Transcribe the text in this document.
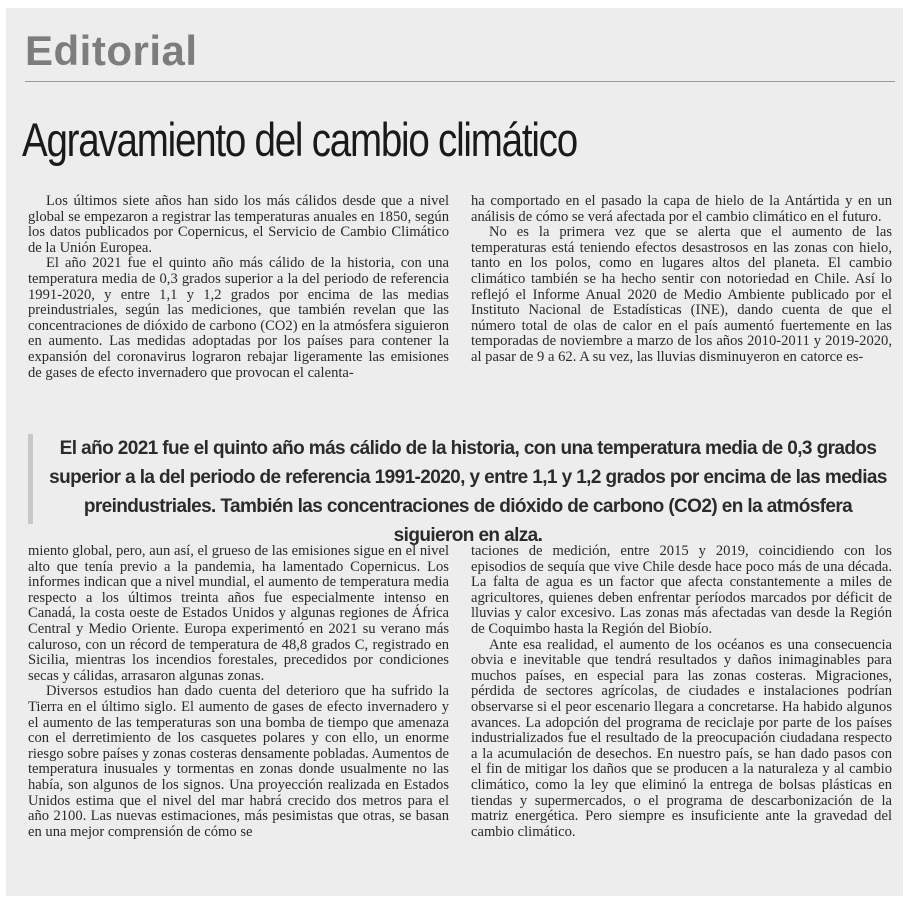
Editorial
Agravamiento del cambio climático

Los últimos siete años han sido los más cálidos desde que a nivel global se empezaron a registrar las temperaturas anuales en 1850, según los datos publicados por Copernicus, el Servicio de Cambio Climático de la Unión Europea.

El año 2021 fue el quinto año más cálido de la historia, con una temperatura media de 0,3 grados superior a la del periodo de referencia 1991-2020, y entre 1,1 y 1,2 grados por encima de las medias preindustriales, según las mediciones, que también revelan que las concentraciones de dióxido de carbono (CO2) en la atmósfera siguieron en aumento. Las medidas adoptadas por los países para contener la expansión del coronavirus lograron rebajar ligeramente las emisiones de gases de efecto invernadero que provocan el calenta-

ha comportado en el pasado la capa de hielo de la Antártida y en un análisis de cómo se verá afectada por el cambio climático en el futuro.

No es la primera vez que se alerta que el aumento de las temperaturas está teniendo efectos desastrosos en las zonas con hielo, tanto en los polos, como en lugares altos del planeta. El cambio climático también se ha hecho sentir con notoriedad en Chile. Así lo reflejó el Informe Anual 2020 de Medio Ambiente publicado por el Instituto Nacional de Estadísticas (INE), dando cuenta de que el número total de olas de calor en el país aumentó fuertemente en las temporadas de noviembre a marzo de los años 2010-2011 y 2019-2020, al pasar de 9 a 62. A su vez, las lluvias disminuyeron en catorce es-

El año 2021 fue el quinto año más cálido de la historia, con una temperatura media de 0,3 grados superior a la del periodo de referencia 1991-2020, y entre 1,1 y 1,2 grados por encima de las medias preindustriales. También las concentraciones de dióxido de carbono (CO2) en la atmósfera siguieron en alza.

miento global, pero, aun así, el grueso de las emisiones sigue en el nivel alto que tenía previo a la pandemia, ha lamentado Copernicus. Los informes indican que a nivel mundial, el aumento de temperatura media respecto a los últimos treinta años fue especialmente intenso en Canadá, la costa oeste de Estados Unidos y algunas regiones de África Central y Medio Oriente. Europa experimentó en 2021 su verano más caluroso, con un récord de temperatura de 48,8 grados C, registrado en Sicilia, mientras los incendios forestales, precedidos por condiciones secas y cálidas, arrasaron algunas zonas.

Diversos estudios han dado cuenta del deterioro que ha sufrido la Tierra en el último siglo. El aumento de gases de efecto invernadero y el aumento de las temperaturas son una bomba de tiempo que amenaza con el derretimiento de los casquetes polares y con ello, un enorme riesgo sobre países y zonas costeras densamente pobladas. Aumentos de temperatura inusuales y tormentas en zonas donde usualmente no las había, son algunos de los signos. Una proyección realizada en Estados Unidos estima que el nivel del mar habrá crecido dos metros para el año 2100. Las nuevas estimaciones, más pesimistas que otras, se basan en una mejor comprensión de cómo se

taciones de medición, entre 2015 y 2019, coincidiendo con los episodios de sequía que vive Chile desde hace poco más de una década. La falta de agua es un factor que afecta constantemente a miles de agricultores, quienes deben enfrentar períodos marcados por déficit de lluvias y calor excesivo. Las zonas más afectadas van desde la Región de Coquimbo hasta la Región del Biobío.

Ante esa realidad, el aumento de los océanos es una consecuencia obvia e inevitable que tendrá resultados y daños inimaginables para muchos países, en especial para las zonas costeras. Migraciones, pérdida de sectores agrícolas, de ciudades e instalaciones podrían observarse si el peor escenario llegara a concretarse. Ha habido algunos avances. La adopción del programa de reciclaje por parte de los países industrializados fue el resultado de la preocupación ciudadana respecto a la acumulación de desechos. En nuestro país, se han dado pasos con el fin de mitigar los daños que se producen a la naturaleza y al cambio climático, como la ley que eliminó la entrega de bolsas plásticas en tiendas y supermercados, o el programa de descarbonización de la matriz energética. Pero siempre es insuficiente ante la gravedad del cambio climático.
